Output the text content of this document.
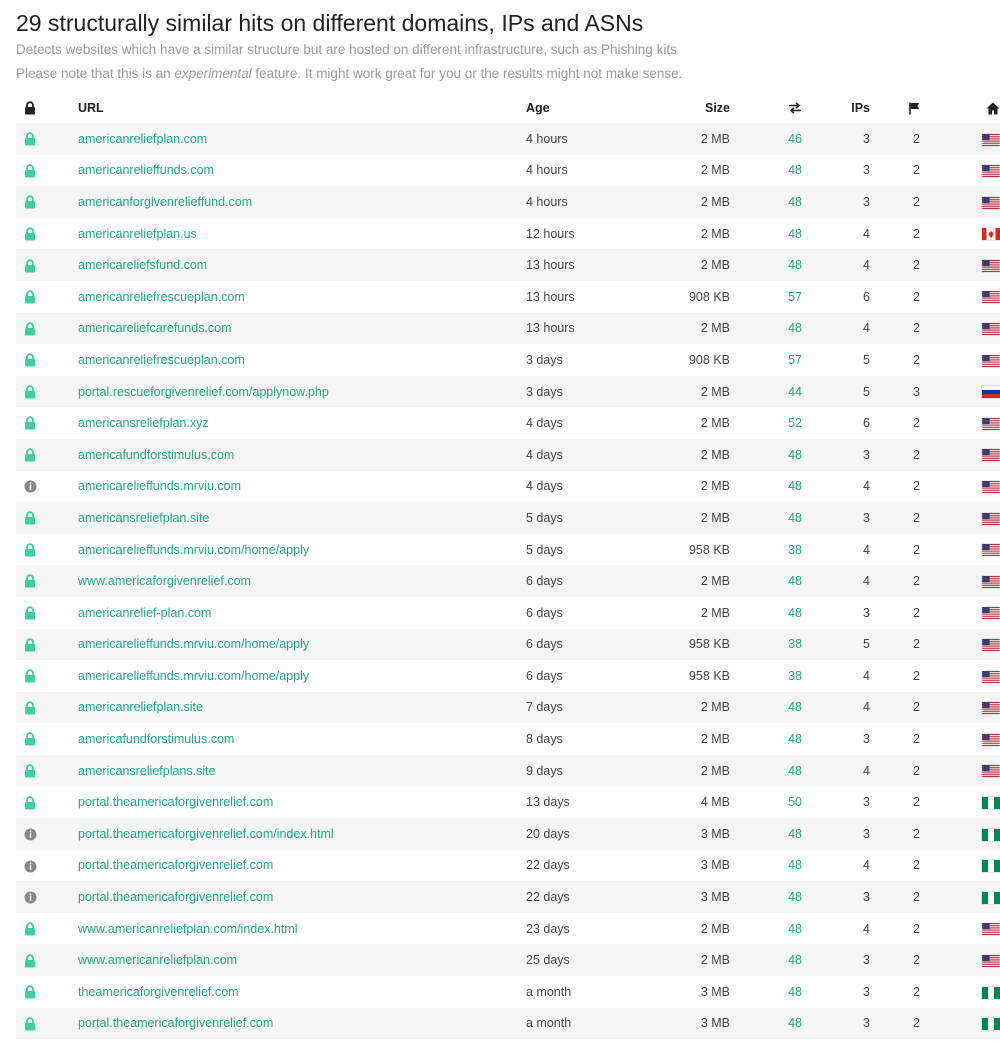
29 structurally similar hits on different domains, IPs and ASNs
Detects websites which have a similar structure but are hosted on different infrastructure, such as Phishing kits
Please note that this is an experimental feature. It might work great for you or the results might not make sense.
	URL	Age	Size		IPs		
	americanreliefplan.com	4 hours	2 MB	46	3	2	
	americanrelieffunds.com	4 hours	2 MB	48	3	2	
	americanforgivenrelieffund.com	4 hours	2 MB	48	3	2	
	americanreliefplan.us	12 hours	2 MB	48	4	2	
	americareliefsfund.com	13 hours	2 MB	48	4	2	
	americanreliefrescueplan.com	13 hours	908 KB	57	6	2	
	americareliefcarefunds.com	13 hours	2 MB	48	4	2	
	americanreliefrescueplan.com	3 days	908 KB	57	5	2	
	portal.rescueforgivenrelief.com/applynow.php	3 days	2 MB	44	5	3	
	americansreliefplan.xyz	4 days	2 MB	52	6	2	
	americafundforstimulus.com	4 days	2 MB	48	3	2	
	americarelieffunds.mrviu.com	4 days	2 MB	48	4	2	
	americansreliefplan.site	5 days	2 MB	48	3	2	
	americarelieffunds.mrviu.com/home/apply	5 days	958 KB	38	4	2	
	www.americaforgivenrelief.com	6 days	2 MB	48	4	2	
	americanrelief-plan.com	6 days	2 MB	48	3	2	
	americarelieffunds.mrviu.com/home/apply	6 days	958 KB	38	5	2	
	americarelieffunds.mrviu.com/home/apply	6 days	958 KB	38	4	2	
	americanreliefplan.site	7 days	2 MB	48	4	2	
	americafundforstimulus.com	8 days	2 MB	48	3	2	
	americansreliefplans.site	9 days	2 MB	48	4	2	
	portal.theamericaforgivenrelief.com	13 days	4 MB	50	3	2	
	portal.theamericaforgivenrelief.com/index.html	20 days	3 MB	48	3	2	
	portal.theamericaforgivenrelief.com	22 days	3 MB	48	4	2	
	portal.theamericaforgivenrelief.com	22 days	3 MB	48	3	2	
	www.americanreliefplan.com/index.html	23 days	2 MB	48	4	2	
	www.americanreliefplan.com	25 days	2 MB	48	3	2	
	theamericaforgivenrelief.com	a month	3 MB	48	3	2	
	portal.theamericaforgivenrelief.com	a month	3 MB	48	3	2	
